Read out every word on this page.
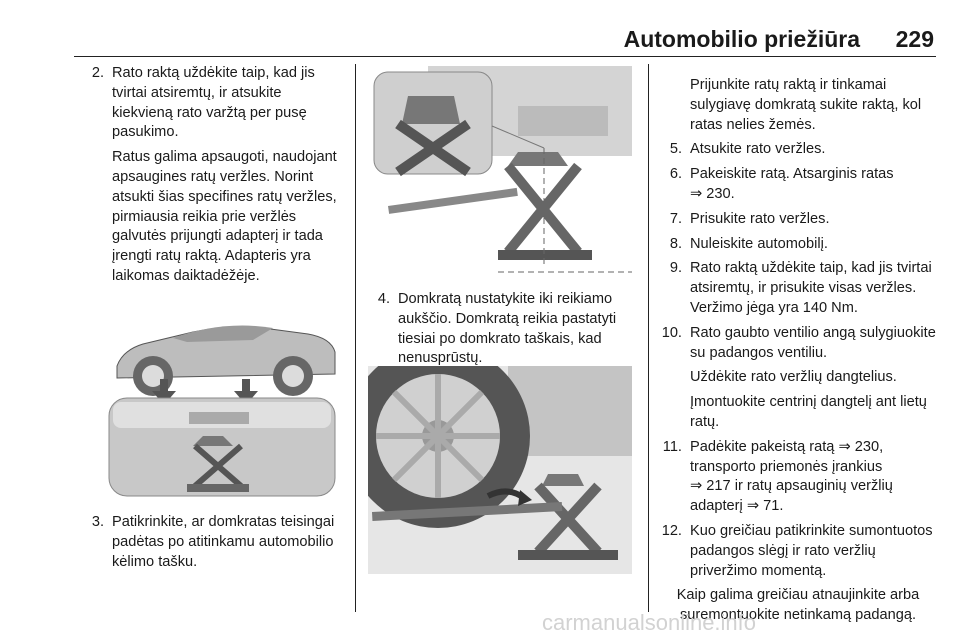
Automobilio priežiūra	229
2. Rato raktą uždėkite taip, kad jis tvirtai atsiremtų, ir atsukite kiekvieną rato varžtą per pusę pasukimo.

Ratus galima apsaugoti, naudojant apsaugines ratų veržles. Norint atsukti šias specifines ratų veržles, pirmiausia reikia prie veržlės galvutės prijungti adapterį ir tada įrengti ratų raktą. Adapteris yra laikomas daiktadėžėje.

3. Patikrinkite, ar domkratas teisingai padėtas po atitinkamu automobilio kėlimo tašku.
4. Domkratą nustatykite iki reikiamo aukščio. Domkratą reikia pastatyti tiesiai po domkrato taškais, kad nenusprūstų.

Prijunkite ratų raktą ir tinkamai sulygiavę domkratą sukite raktą, kol ratas nelies žemės.

5. Atsukite rato veržles.
6. Pakeiskite ratą. Atsarginis ratas
⇒ 230.
7. Prisukite rato veržles.
8. Nuleiskite automobilį.
9. Rato raktą uždėkite taip, kad jis tvirtai atsiremtų, ir prisukite visas veržles. Veržimo jėga yra 140 Nm.
10. Rato gaubto ventilio angą sulygiuokite su padangos ventiliu.

Uždėkite rato veržlių dangtelius.

Įmontuokite centrinį dangtelį ant lietų ratų.

11. Padėkite pakeistą ratą ⇒ 230, transporto priemonės įrankius
⇒ 217 ir ratų apsauginių veržlių adapterį ⇒ 71.
12. Kuo greičiau patikrinkite sumontuotos padangos slėgį ir rato veržlių priveržimo momentą.

Kaip galima greičiau atnaujinkite arba suremontuokite netinkamą padangą.

carmanualsonline.info
